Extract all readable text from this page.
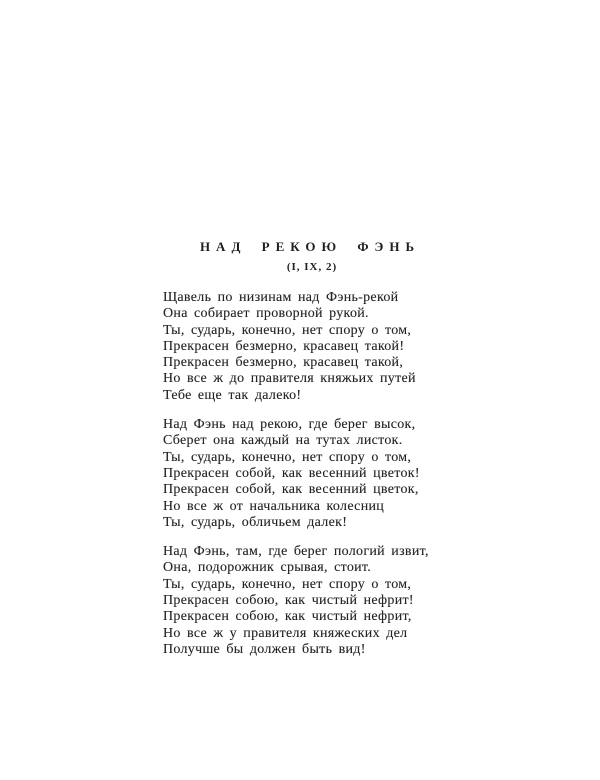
НАД РЕКОЮ ФЭНЬ
(I, IX, 2)
Щавель по низинам над Фэнь-рекой
Она собирает проворной рукой.
Ты, сударь, конечно, нет спору о том,
Прекрасен безмерно, красавец такой!
Прекрасен безмерно, красавец такой,
Но все ж до правителя княжьих путей
Тебе еще так далеко!
Над Фэнь над рекою, где берег высок,
Сберет она каждый на тутах листок.
Ты, сударь, конечно, нет спору о том,
Прекрасен собой, как весенний цветок!
Прекрасен собой, как весенний цветок,
Но все ж от начальника колесниц
Ты, сударь, обличьем далек!
Над Фэнь, там, где берег пологий извит,
Она, подорожник срывая, стоит.
Ты, сударь, конечно, нет спору о том,
Прекрасен собою, как чистый нефрит!
Прекрасен собою, как чистый нефрит,
Но все ж у правителя княжеских дел
Получше бы должен быть вид!
